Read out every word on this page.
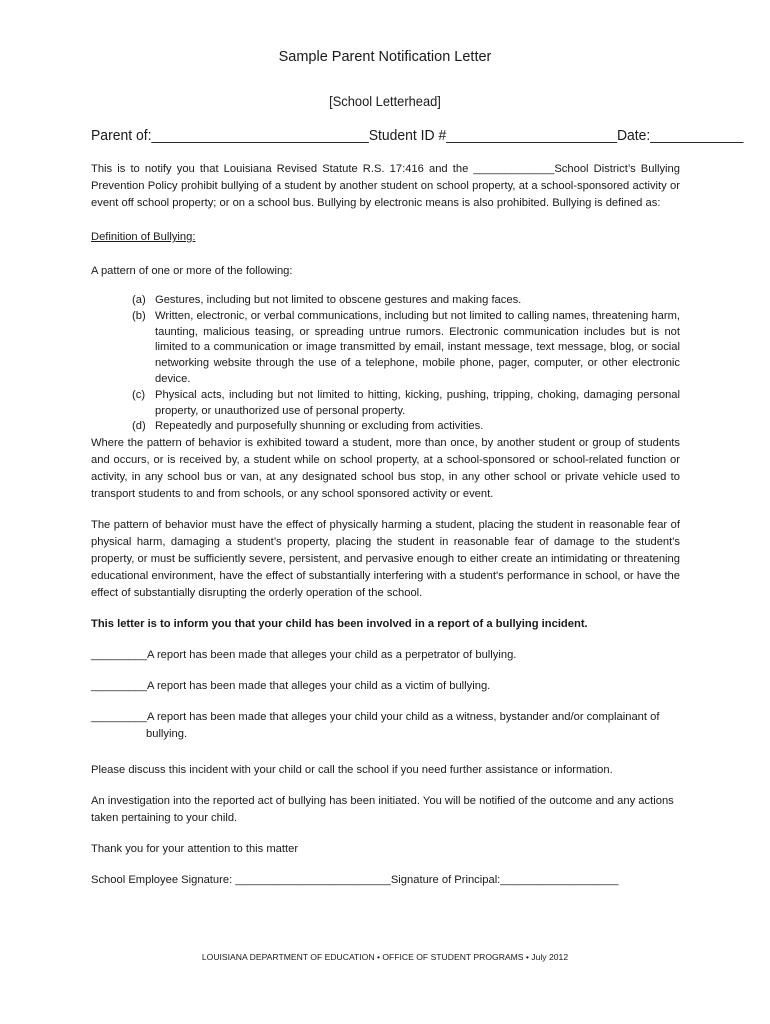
Sample Parent Notification Letter
[School Letterhead]
Parent of:____________________________ Student ID #______________________ Date:____________

This is to notify you that Louisiana Revised Statute R.S. 17:416 and the _____________School District’s Bullying Prevention Policy prohibit bullying of a student by another student on school property, at a school-sponsored activity or event off school property; or on a school bus. Bullying by electronic means is also prohibited. Bullying is defined as:

Definition of Bullying:

A pattern of one or more of the following:

(a) Gestures, including but not limited to obscene gestures and making faces.
(b) Written, electronic, or verbal communications, including but not limited to calling names, threatening harm, taunting, malicious teasing, or spreading untrue rumors. Electronic communication includes but is not limited to a communication or image transmitted by email, instant message, text message, blog, or social networking website through the use of a telephone, mobile phone, pager, computer, or other electronic device.
(c) Physical acts, including but not limited to hitting, kicking, pushing, tripping, choking, damaging personal property, or unauthorized use of personal property.
(d) Repeatedly and purposefully shunning or excluding from activities.

Where the pattern of behavior is exhibited toward a student, more than once, by another student or group of students and occurs, or is received by, a student while on school property, at a school-sponsored or school-related function or activity, in any school bus or van, at any designated school bus stop, in any other school or private vehicle used to transport students to and from schools, or any school sponsored activity or event.

The pattern of behavior must have the effect of physically harming a student, placing the student in reasonable fear of physical harm, damaging a student’s property, placing the student in reasonable fear of damage to the student's property, or must be sufficiently severe, persistent, and pervasive enough to either create an intimidating or threatening educational environment, have the effect of substantially interfering with a student's performance in school, or have the effect of substantially disrupting the orderly operation of the school.

This letter is to inform you that your child has been involved in a report of a bullying incident.

_________A report has been made that alleges your child as a perpetrator of bullying.

_________A report has been made that alleges your child as a victim of bullying.

_________A report has been made that alleges your child your child as a witness, bystander and/or complainant of bullying.

Please discuss this incident with your child or call the school if you need further assistance or information.

An investigation into the reported act of bullying has been initiated. You will be notified of the outcome and any actions taken pertaining to your child.

Thank you for your attention to this matter

School Employee Signature: _________________________Signature of Principal:___________________

LOUISIANA DEPARTMENT OF EDUCATION • OFFICE OF STUDENT PROGRAMS • July 2012
